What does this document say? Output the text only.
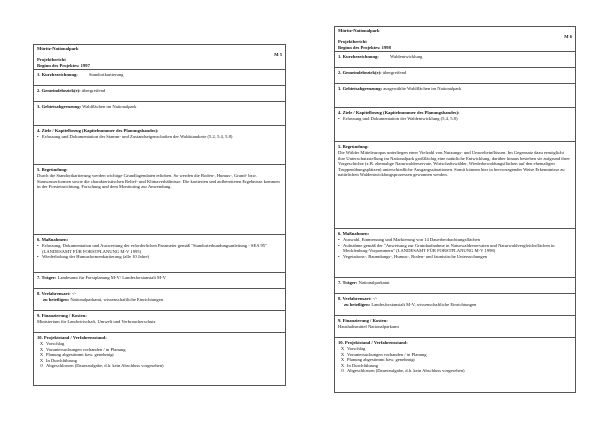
Müritz-Nationalpark
M 5
Projektbericht
Beginn des Projektes: 1997
1. Kurzbezeichnung: Standortkartierung
2. Gemeindebezirk(e): übergreifend
3. Gebietsabgrenzung: Waldflächen im Nationalpark
4. Ziele / Kapitelbezug (Kapitelnummer des Planungsbandes):
• Erfassung und Dokumentation der Stamm- und Zustandseigenschaften der Waldstandorte (5.2, 5.4, 5.8)
5. Begründung:
Durch die Standortkartierung werden wichtige Grundlagendaten erhoben. So werden die Boden-, Humus-, Grund- bzw. Stauwasserformen sowie die charakteristischen Relief- und Klimaverhältnisse. Die kartierten und aufbereiteten Ergebnisse kommen in der Forsteinrichtung, Forschung und dem Monitoring zur Anwendung.
6. Maßnahmen:
• Erfassung, Dokumentation und Auswertung der erforderlichen Parameter gemäß "Standorterkundungsanleitung - SEA 95" (LANDESAMT FÜR FORSTPLANUNG M-V 1995)
• Wiederholung der Humusformenkartierung (alle 10 Jahre)
7. Träger: Landesamt für Forstplanung M-V/ Landesforstanstalt M-V
8. Verfahrensart: -/-
zu beteiligen: Nationalparkamt, wissenschaftliche Einrichtungen
9. Finanzierung / Kosten:
Ministerium für Landwirtschaft, Umwelt und Verbraucherschutz
10. Projektstand / Verfahrensstand:
X Vorschlag
X Voruntersuchungen vorhanden / in Planung
X Planung abgestimmt bzw. genehmigt
X In Durchführung
0 Abgeschlossen (Daueraufgabe, d.h. kein Abschluss vorgesehen)
Müritz-Nationalpark
M 6
Projektbericht
Beginn des Projektes: 1998
1. Kurzbezeichnung: Waldentwicklung
2. Gemeindebezirk(e): übergreifend
3. Gebietsabgrenzung: ausgewählte Waldflächen im Nationalpark
4. Ziele / Kapitelbezug (Kapitelnummer des Planungsbandes):
• Erfassung und Dokumentation der Waldentwicklung (5.4, 5.8)
5. Begründung:
Die Wälder Mitteleuropas unterliegen einer Vielzahl von Nutzungs- und Umwelteinflüssen. Im Gegensatz dazu ermöglicht ihre Unterschutzstellung im Nationalpark großflächig eine natürliche Entwicklung, darüber hinaus bestehen sie aufgrund ihrer Vorgeschichte (z.B. ehemalige Naturwaldreservate, Wirtschaftswälder, Wiederbewaldungsflächen auf den ehemaligen Truppenübungsplätzen) unterschiedliche Ausgangssituationen. Somit können hier in hervorragender Weise Erkenntnisse zu natürlichen Waldentwicklungsprozessen gewonnen werden.
6. Maßnahmen:
• Auswahl, Einmessung und Markierung von 14 Dauerbeobachtungsflächen
• Aufnahme gemäß der "Anweisung zur Grundaufnahme in Naturwaldreservaten und Naturwaldvergleichsflächen in Mecklenburg-Vorpommern" (LANDESAMT FÜR FORSTPLANUNG M-V 1998)
• Vegetations-, Baumdungs-, Humus-, Boden- und faunistische Untersuchungen
7. Träger: Nationalparkamt
8. Verfahrensart: -/-
zu beteiligen: Landesforstanstalt M-V, wissenschaftliche Einrichtungen
9. Finanzierung / Kosten:
Haushaltsmittel Nationalparkamt
10. Projektstand / Verfahrensstand:
X Vorschlag
X Voruntersuchungen vorhanden / in Planung
X Planung abgestimmt bzw. genehmigt
X In Durchführung
0 Abgeschlossen (Daueraufgabe, d.h. kein Abschluss vorgesehen)
